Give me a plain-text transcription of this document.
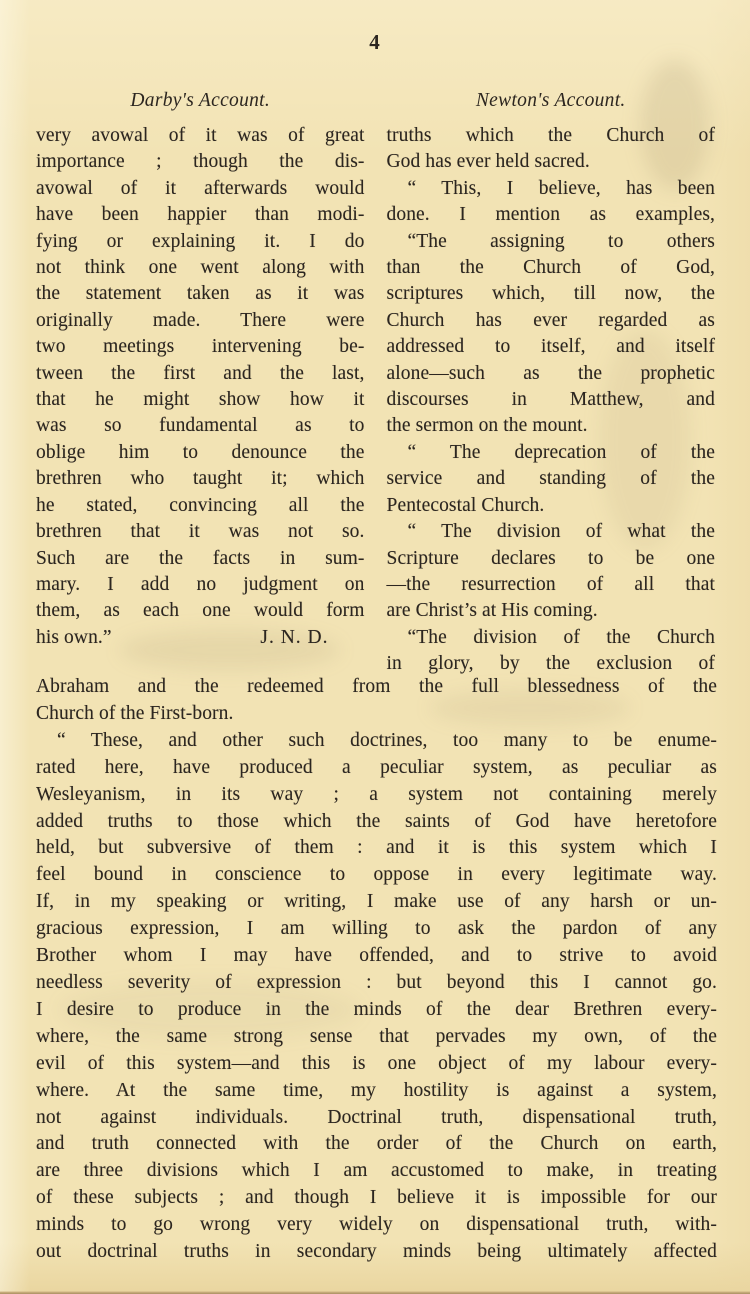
4
Darby's Account.
very avowal of it was of great
importance ; though the dis-
avowal of it afterwards would
have been happier than modi-
fying or explaining it. I do
not think one went along with
the statement taken as it was
originally made. There were
two meetings intervening be-
tween the first and the last,
that he might show how it
was so fundamental as to
oblige him to denounce the
brethren who taught it; which
he stated, convincing all the
brethren that it was not so.
Such are the facts in sum-
mary. I add no judgment on
them, as each one would form
his own.”	J. N. D.
Newton's Account.
truths which the Church of
God has ever held sacred.
“ This, I believe, has been
done. I mention as examples,
“The assigning to others
than the Church of God,
scriptures which, till now, the
Church has ever regarded as
addressed to itself, and itself
alone—such as the prophetic
discourses in Matthew, and
the sermon on the mount.
“ The deprecation of the
service and standing of the
Pentecostal Church.
“ The division of what the
Scripture declares to be one
—the resurrection of all that
are Christ’s at His coming.
“The division of the Church
in glory, by the exclusion of
Abraham and the redeemed from the full blessedness of the
Church of the First-born.
“ These, and other such doctrines, too many to be enume-
rated here, have produced a peculiar system, as peculiar as
Wesleyanism, in its way ; a system not containing merely
added truths to those which the saints of God have heretofore
held, but subversive of them : and it is this system which I
feel bound in conscience to oppose in every legitimate way.
If, in my speaking or writing, I make use of any harsh or un-
gracious expression, I am willing to ask the pardon of any
Brother whom I may have offended, and to strive to avoid
needless severity of expression : but beyond this I cannot go.
I desire to produce in the minds of the dear Brethren every-
where, the same strong sense that pervades my own, of the
evil of this system—and this is one object of my labour every-
where. At the same time, my hostility is against a system,
not against individuals. Doctrinal truth, dispensational truth,
and truth connected with the order of the Church on earth,
are three divisions which I am accustomed to make, in treating
of these subjects ; and though I believe it is impossible for our
minds to go wrong very widely on dispensational truth, with-
out doctrinal truths in secondary minds being ultimately affected
